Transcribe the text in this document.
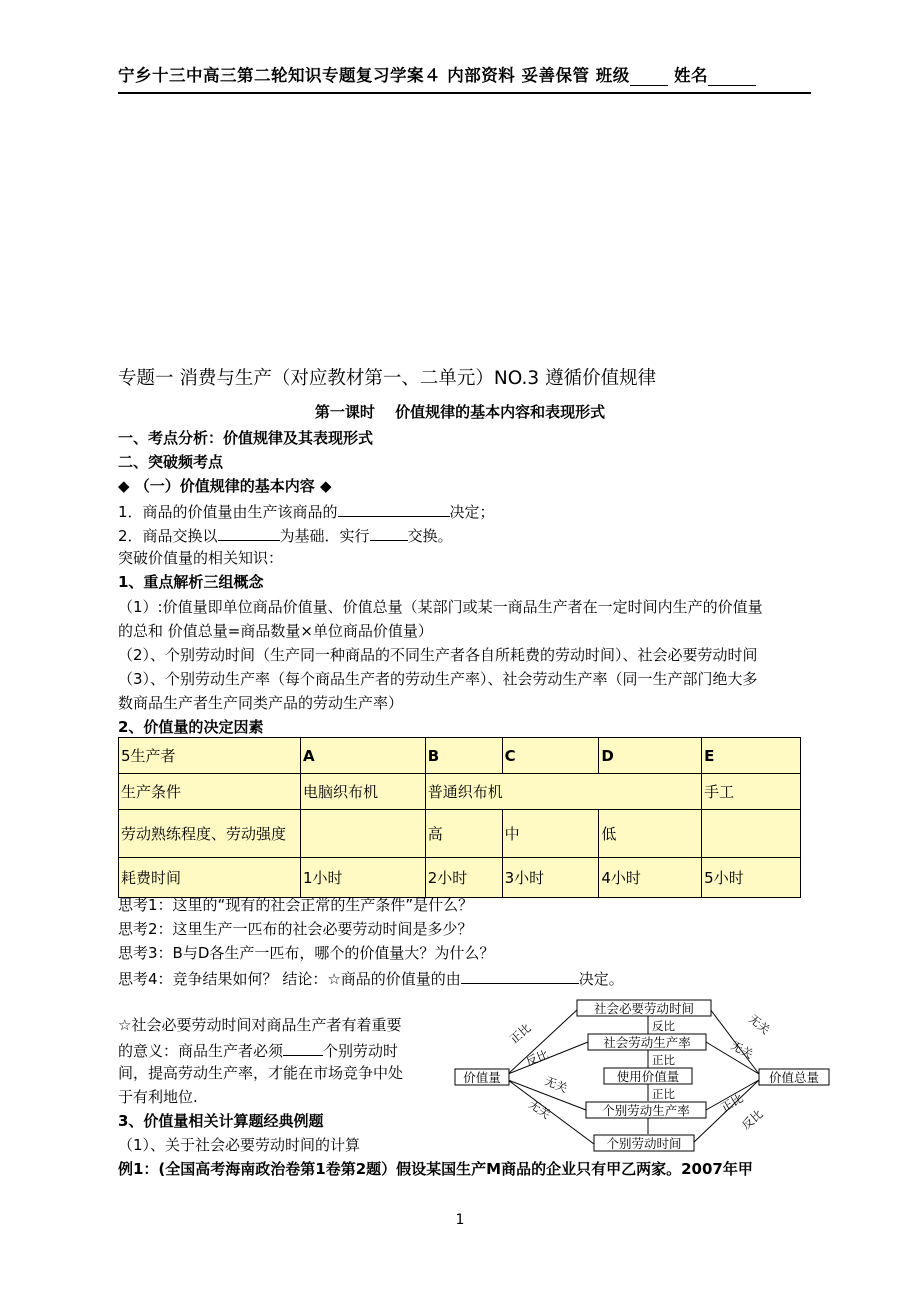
宁乡十三中高三第二轮知识专题复习学案４ 内部资料 妥善保管 班级	姓名
专题一 消费与生产（对应教材第一、二单元）NO.3 遵循价值规律
第一课时　 价值规律的基本内容和表现形式
一、考点分析：价值规律及其表现形式
二、突破频考点
◆ （一）价值规律的基本内容 ◆
1．商品的价值量由生产该商品的	决定；
2．商品交换以	为基础．实行	交换。
突破价值量的相关知识：
1、重点解析三组概念
（1）:价值量即单位商品价值量、价值总量（某部门或某一商品生产者在一定时间内生产的价值量
的总和 价值总量=商品数量×单位商品价值量）
（2）、个别劳动时间（生产同一种商品的不同生产者各自所耗费的劳动时间）、社会必要劳动时间
（3）、个别劳动生产率（每个商品生产者的劳动生产率）、社会劳动生产率（同一生产部门绝大多
数商品生产者生产同类产品的劳动生产率）
2、价值量的决定因素
5生产者	A	B	C	D	E
生产条件	电脑织布机	普通织布机			手工
劳动熟练程度、劳动强度		高	中	低	
耗费时间	1小时	2小时	3小时	4小时	5小时
思考1：这里的“现有的社会正常的生产条件”是什么？
思考2：这里生产一匹布的社会必要劳动时间是多少？
思考3：B与D各生产一匹布，哪个的价值量大？为什么？
思考4：竞争结果如何？ 结论：☆商品的价值量的由	决定。
☆社会必要劳动时间对商品生产者有着重要
的意义：商品生产者必须	个别劳动时
间，提高劳动生产率，才能在市场竞争中处
于有利地位.
3、价值量相关计算题经典例题
（1）、关于社会必要劳动时间的计算
例1：(全国高考海南政治卷第1卷第2题）假设某国生产M商品的企业只有甲乙两家。2007年甲
社会必要劳动时间
社会劳动生产率
使用价值量
个别劳动生产率
个别劳动时间
价值量	价值总量
反比
正比
正比
正比
反比
无关
无关
无关
无关
正比
反比
1
